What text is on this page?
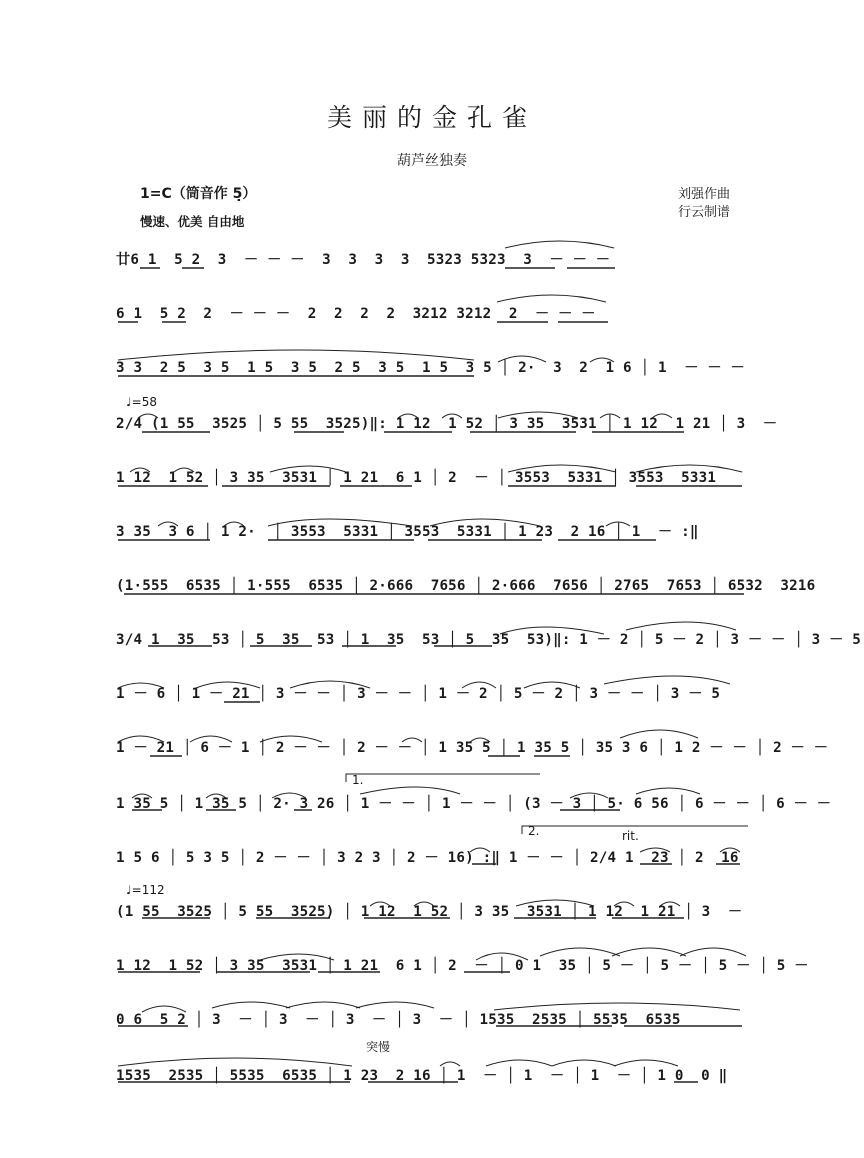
美丽的金孔雀
葫芦丝独奏
1=C（筒音作 5̣）
慢速、优美 自由地
刘强作曲
行云制谱
♩=58
1.
2.	rit.
♩=112
突慢
廿6 1  5 2  3  － － －  3  3  3  3  5323 5323  3  － － －
6 1  5 2  2  － － －  2  2  2  2  3212 3212  2  － － －
3 3  2 5  3 5  1 5  3 5  2 5  3 5  1 5  3 5 │ 2·  3  2  1 6 │ 1  － － －
2/4 (1 55  3525 │ 5 55  3525)‖: 1 12  1 52 │ 3 35  3531 │ 1 12  1 21 │ 3  －
1 12  1 52 │ 3 35  3531 │ 1 21  6 1 │ 2  － │ 3553  5331 │ 3553  5331
3 35  3 6 │ 1 2·  │ 3553  5331 │ 3553  5331 │ 1 23  2 16 │ 1  － :‖
(1·555  6535 │ 1·555  6535 │ 2·666  7656 │ 2·666  7656 │ 2765  7653 │ 6532  3216
3/4 1  35  53 │ 5  35  53 │ 1  35  53 │ 5  35  53)‖: 1 － 2 │ 5 － 2 │ 3 － － │ 3 － 5
1 － 6 │ 1 － 21 │ 3 － － │ 3 － － │ 1 － 2 │ 5 － 2 │ 3 － － │ 3 － 5
1 － 21 │ 6 － 1 │ 2 － － │ 2 － － │ 1 35 5 │ 1 35 5 │ 35 3 6 │ 1 2 － － │ 2 － －
1 35 5 │ 1 35 5 │ 2· 3 26 │ 1 － － │ 1 － － │ (3 － 3 │ 5· 6 56 │ 6 － － │ 6 － －
1 5 6 │ 5 3 5 │ 2 － － │ 3 2 3 │ 2 － 16) :‖ 1 － － │ 2/4 1  23 │ 2  16
(1 55  3525 │ 5 55  3525) │ 1 12  1 52 │ 3 35  3531 │ 1 12  1 21 │ 3  －
1 12  1 52 │ 3 35  3531 │ 1 21  6 1 │ 2  － │ 0 1  35 │ 5 － │ 5 － │ 5 － │ 5 －
0 6  5 2 │ 3  － │ 3  － │ 3  － │ 3  － │ 1535  2535 │ 5535  6535
1535  2535 │ 5535  6535 │ 1 23  2 16 │ 1  － │ 1  － │ 1  － │ 1 0  0 ‖
